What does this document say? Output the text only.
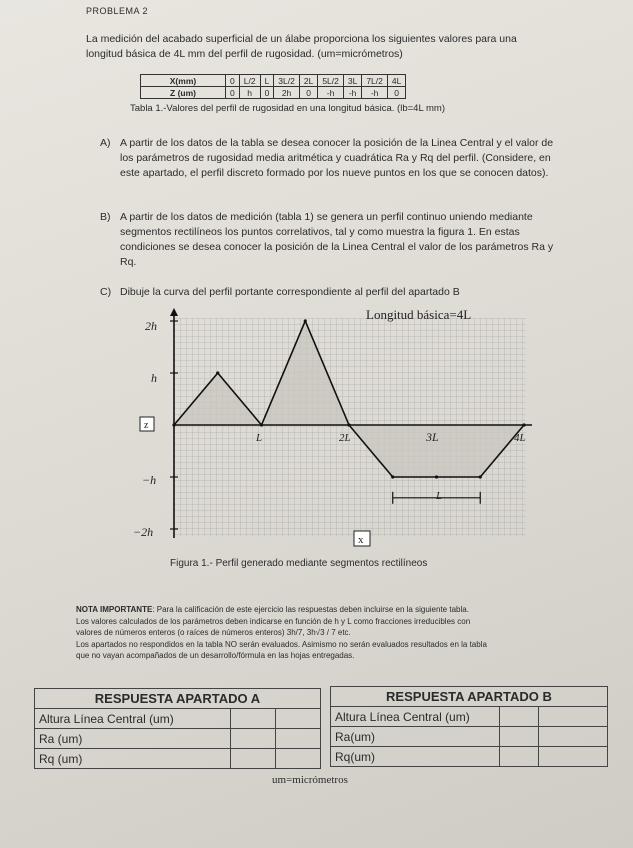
PROBLEMA 2
La medición del acabado superficial de un álabe proporciona los siguientes valores para una longitud básica de 4L mm del perfil de rugosidad. (um=micrómetros)
X(mm)	0	L/2	L	3L/2	2L	5L/2	3L	7L/2	4L
Z (um)	0	h	0	2h	0	-h	-h	-h	0
Tabla 1.-Valores del perfil de rugosidad en una longitud básica. (lb=4L mm)
A) A partir de los datos de la tabla se desea conocer la posición de la Linea Central y el valor de los parámetros de rugosidad media aritmética y cuadrática Ra y Rq del perfil. (Considere, en este apartado, el perfil discreto formado por los nueve puntos en los que se conocen datos).
B) A partir de los datos de medición (tabla 1) se genera un perfil continuo uniendo mediante segmentos rectilíneos los puntos correlativos, tal y como muestra la figura 1. En estas condiciones se desea conocer la posición de la Linea Central el valor de los parámetros Ra y Rq.
C) Dibuje la curva del perfil portante correspondiente al perfil del apartado B
Longitud básica=4L
2h
h
−h
−2h
z
x
L	2L	3L	4L
L
Figura 1.- Perfil generado mediante segmentos rectilíneos
NOTA IMPORTANTE: Para la calificación de este ejercicio las respuestas deben incluirse en la siguiente tabla.
Los valores calculados de los parámetros deben indicarse en función de h y L como fracciones irreducibles con
valores de números enteros (o raíces de números enteros) 3h/7, 3h√3 / 7 etc.
Los apartados no respondidos en la tabla NO serán evaluados. Asimismo no serán evaluados resultados en la tabla
que no vayan acompañados de un desarrollo/fórmula en las hojas entregadas.
RESPUESTA APARTADO A		
Altura Línea Central (um)		
Ra (um)		
Rq (um)		
RESPUESTA APARTADO B		
Altura Línea Central (um)		
Ra(um)		
Rq(um)		
um=micrómetros
